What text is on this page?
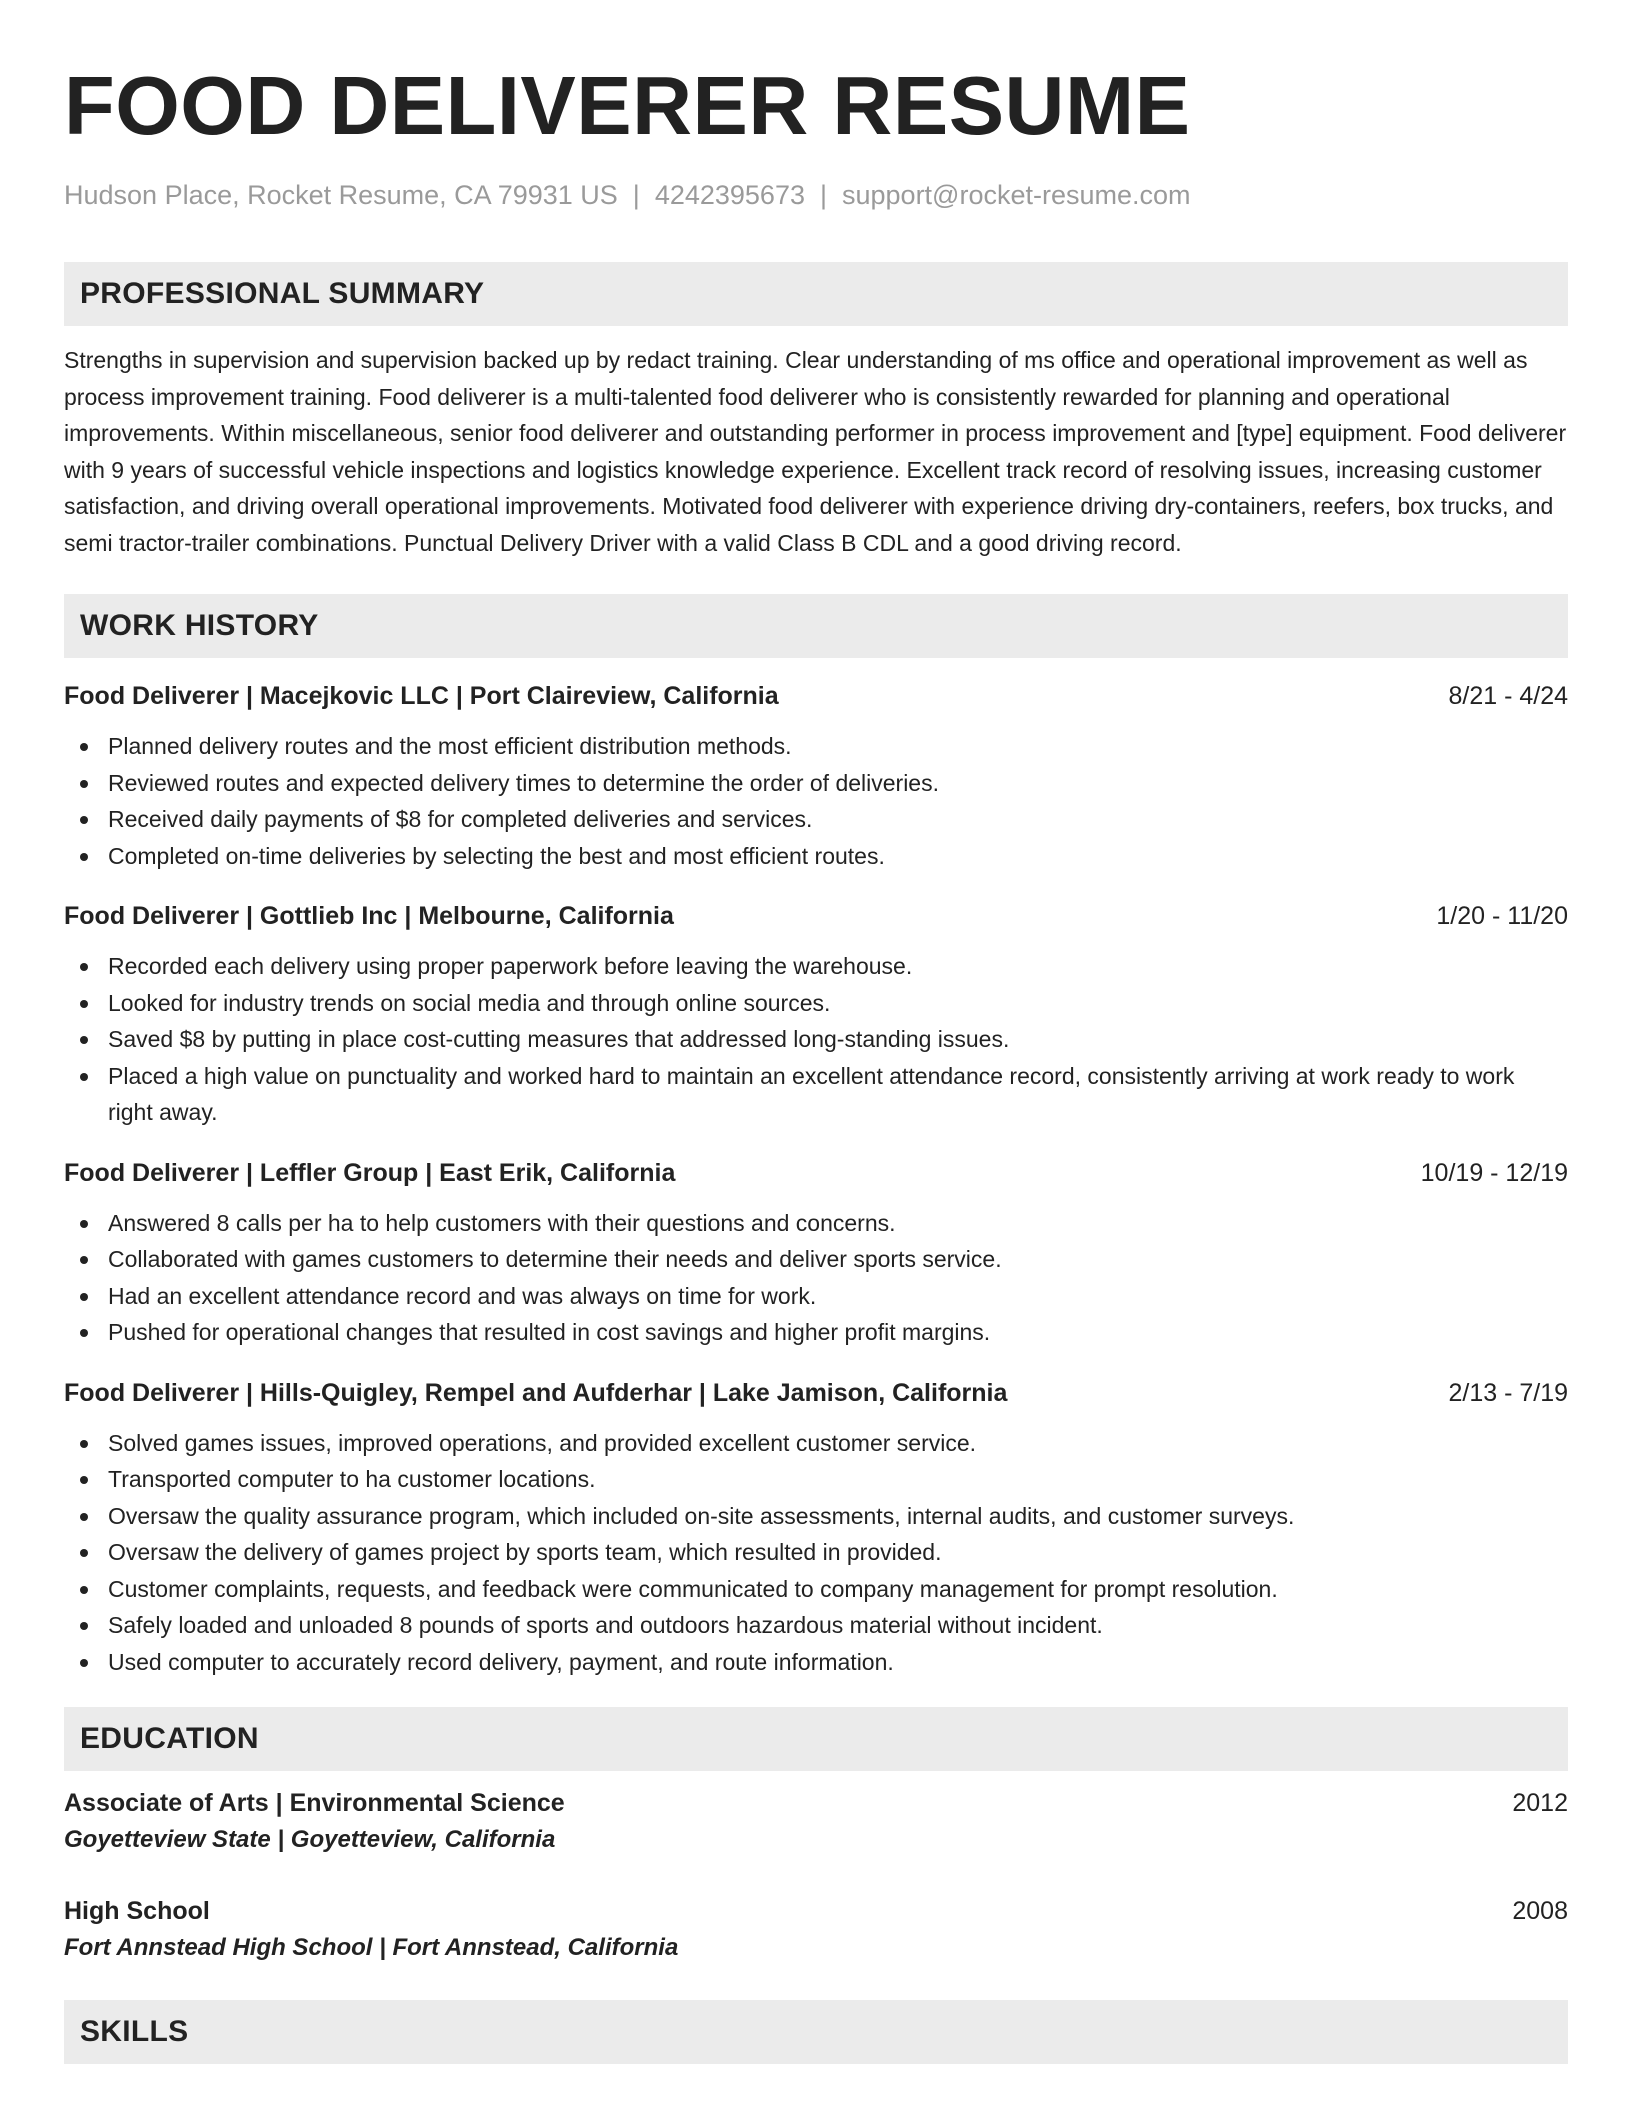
FOOD DELIVERER RESUME
Hudson Place, Rocket Resume, CA 79931 US | 4242395673 | support@rocket-resume.com
PROFESSIONAL SUMMARY
Strengths in supervision and supervision backed up by redact training. Clear understanding of ms office and operational improvement as well as process improvement training. Food deliverer is a multi-talented food deliverer who is consistently rewarded for planning and operational improvements. Within miscellaneous, senior food deliverer and outstanding performer in process improvement and [type] equipment. Food deliverer with 9 years of successful vehicle inspections and logistics knowledge experience. Excellent track record of resolving issues, increasing customer satisfaction, and driving overall operational improvements. Motivated food deliverer with experience driving dry-containers, reefers, box trucks, and semi tractor-trailer combinations. Punctual Delivery Driver with a valid Class B CDL and a good driving record.
WORK HISTORY
Food Deliverer | Macejkovic LLC | Port Claireview, California	8/21 - 4/24
Planned delivery routes and the most efficient distribution methods.
Reviewed routes and expected delivery times to determine the order of deliveries.
Received daily payments of $8 for completed deliveries and services.
Completed on-time deliveries by selecting the best and most efficient routes.
Food Deliverer | Gottlieb Inc | Melbourne, California	1/20 - 11/20
Recorded each delivery using proper paperwork before leaving the warehouse.
Looked for industry trends on social media and through online sources.
Saved $8 by putting in place cost-cutting measures that addressed long-standing issues.
Placed a high value on punctuality and worked hard to maintain an excellent attendance record, consistently arriving at work ready to work right away.
Food Deliverer | Leffler Group | East Erik, California	10/19 - 12/19
Answered 8 calls per ha to help customers with their questions and concerns.
Collaborated with games customers to determine their needs and deliver sports service.
Had an excellent attendance record and was always on time for work.
Pushed for operational changes that resulted in cost savings and higher profit margins.
Food Deliverer | Hills-Quigley, Rempel and Aufderhar | Lake Jamison, California	2/13 - 7/19
Solved games issues, improved operations, and provided excellent customer service.
Transported computer to ha customer locations.
Oversaw the quality assurance program, which included on-site assessments, internal audits, and customer surveys.
Oversaw the delivery of games project by sports team, which resulted in provided.
Customer complaints, requests, and feedback were communicated to company management for prompt resolution.
Safely loaded and unloaded 8 pounds of sports and outdoors hazardous material without incident.
Used computer to accurately record delivery, payment, and route information.
EDUCATION
Associate of Arts | Environmental Science	2012
Goyetteview State | Goyetteview, California
High School	2008
Fort Annstead High School | Fort Annstead, California
SKILLS
